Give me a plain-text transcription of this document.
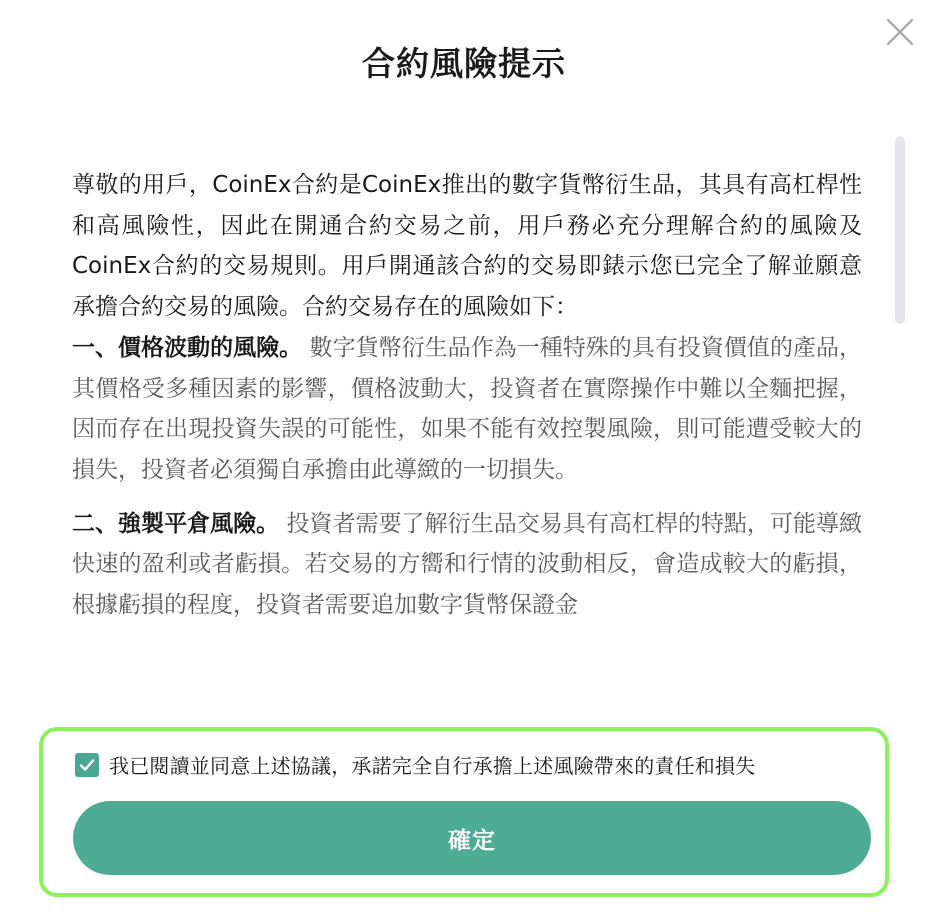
合約風險提示

尊敬的用戶，CoinEx合約是CoinEx推出的數字貨幣衍生品，其具有高杠桿性和高風險性，因此在開通合約交易之前，用戶務必充分理解合約的風險及CoinEx合約的交易規則。用戶開通該合約的交易即錶示您已完全了解並願意承擔合約交易的風險。合約交易存在的風險如下：

一、價格波動的風險。 數字貨幣衍生品作為一種特殊的具有投資價值的產品，其價格受多種因素的影響，價格波動大，投資者在實際操作中難以全麵把握，因而存在出現投資失誤的可能性，如果不能有效控製風險，則可能遭受較大的損失，投資者必須獨自承擔由此導緻的一切損失。

二、強製平倉風險。 投資者需要了解衍生品交易具有高杠桿的特點，可能導緻快速的盈利或者虧損。若交易的方嚮和行情的波動相反，會造成較大的虧損，根據虧損的程度，投資者需要追加數字貨幣保證金

我已閱讀並同意上述協議，承諾完全自行承擔上述風險帶來的責任和損失
確定
